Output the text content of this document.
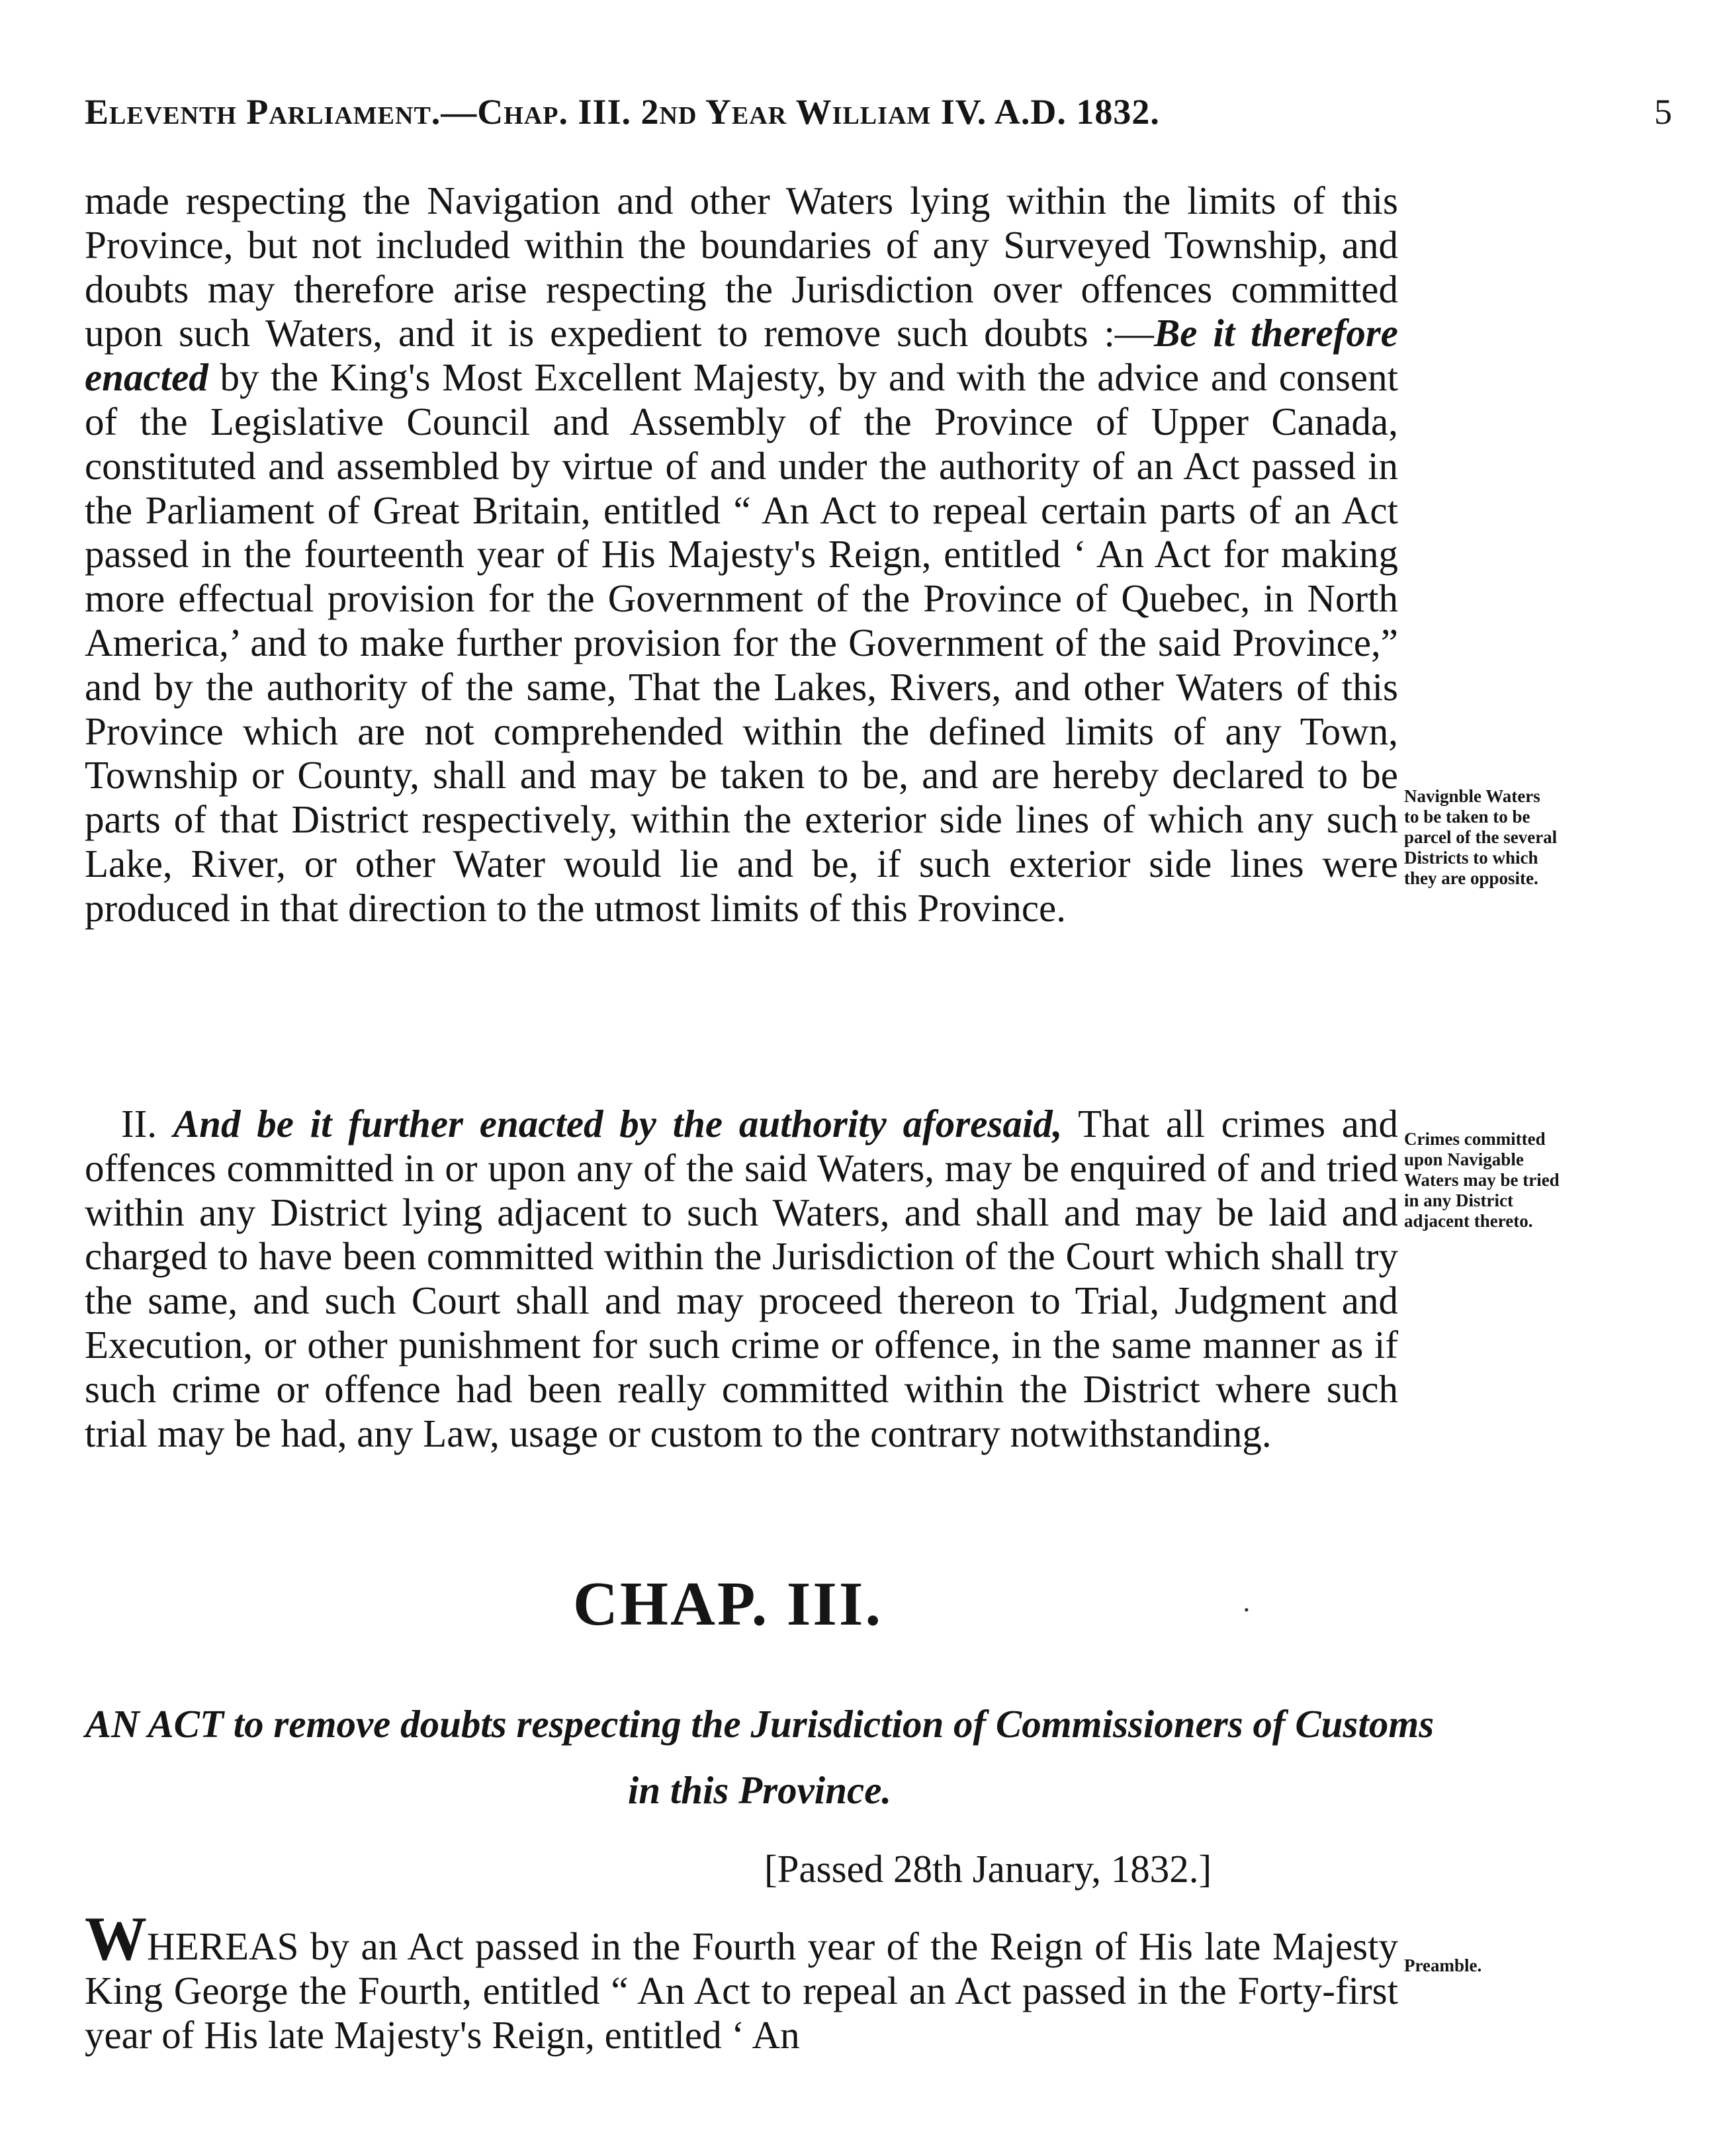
Eleventh Parliament.—Chap. III. 2nd Year William IV. A.D. 1832.	5
made respecting the Navigation and other Waters lying within the limits of this Province, but not included within the boundaries of any Surveyed Township, and doubts may therefore arise respecting the Jurisdiction over offences committed upon such Waters, and it is expedient to remove such doubts :—Be it therefore enacted by the King's Most Excellent Majesty, by and with the advice and consent of the Legislative Council and Assembly of the Province of Upper Canada, constituted and assembled by virtue of and under the authority of an Act passed in the Parliament of Great Britain, entitled “ An Act to repeal certain parts of an Act passed in the fourteenth year of His Majesty's Reign, entitled ‘ An Act for making more effectual provision for the Government of the Province of Quebec, in North America,’ and to make further provision for the Government of the said Province,” and by the authority of the same, That the Lakes, Rivers, and other Waters of this Province which are not comprehended within the defined limits of any Town, Township or County, shall and may be taken to be, and are hereby declared to be parts of that District respectively, within the exterior side lines of which any such Lake, River, or other Water would lie and be, if such exterior side lines were produced in that direction to the utmost limits of this Province.
Navignble Waters
to be taken to be
parcel of the several
Districts to which
they are opposite.
II. And be it further enacted by the authority aforesaid, That all crimes and offences committed in or upon any of the said Waters, may be enquired of and tried within any District lying adjacent to such Waters, and shall and may be laid and charged to have been committed within the Jurisdiction of the Court which shall try the same, and such Court shall and may proceed thereon to Trial, Judgment and Execution, or other punishment for such crime or offence, in the same manner as if such crime or offence had been really committed within the District where such trial may be had, any Law, usage or custom to the contrary notwithstanding.
Crimes committed
upon Navigable
Waters may be tried
in any District
adjacent thereto.
CHAP. III.	•
AN ACT to remove doubts respecting the Jurisdiction of Commissioners of Customs in this Province.
[Passed 28th January, 1832.]
WHEREAS by an Act passed in the Fourth year of the Reign of His late Majesty King George the Fourth, entitled “ An Act to repeal an Act passed in the Forty-first year of His late Majesty's Reign, entitled ‘ An
Preamble.
